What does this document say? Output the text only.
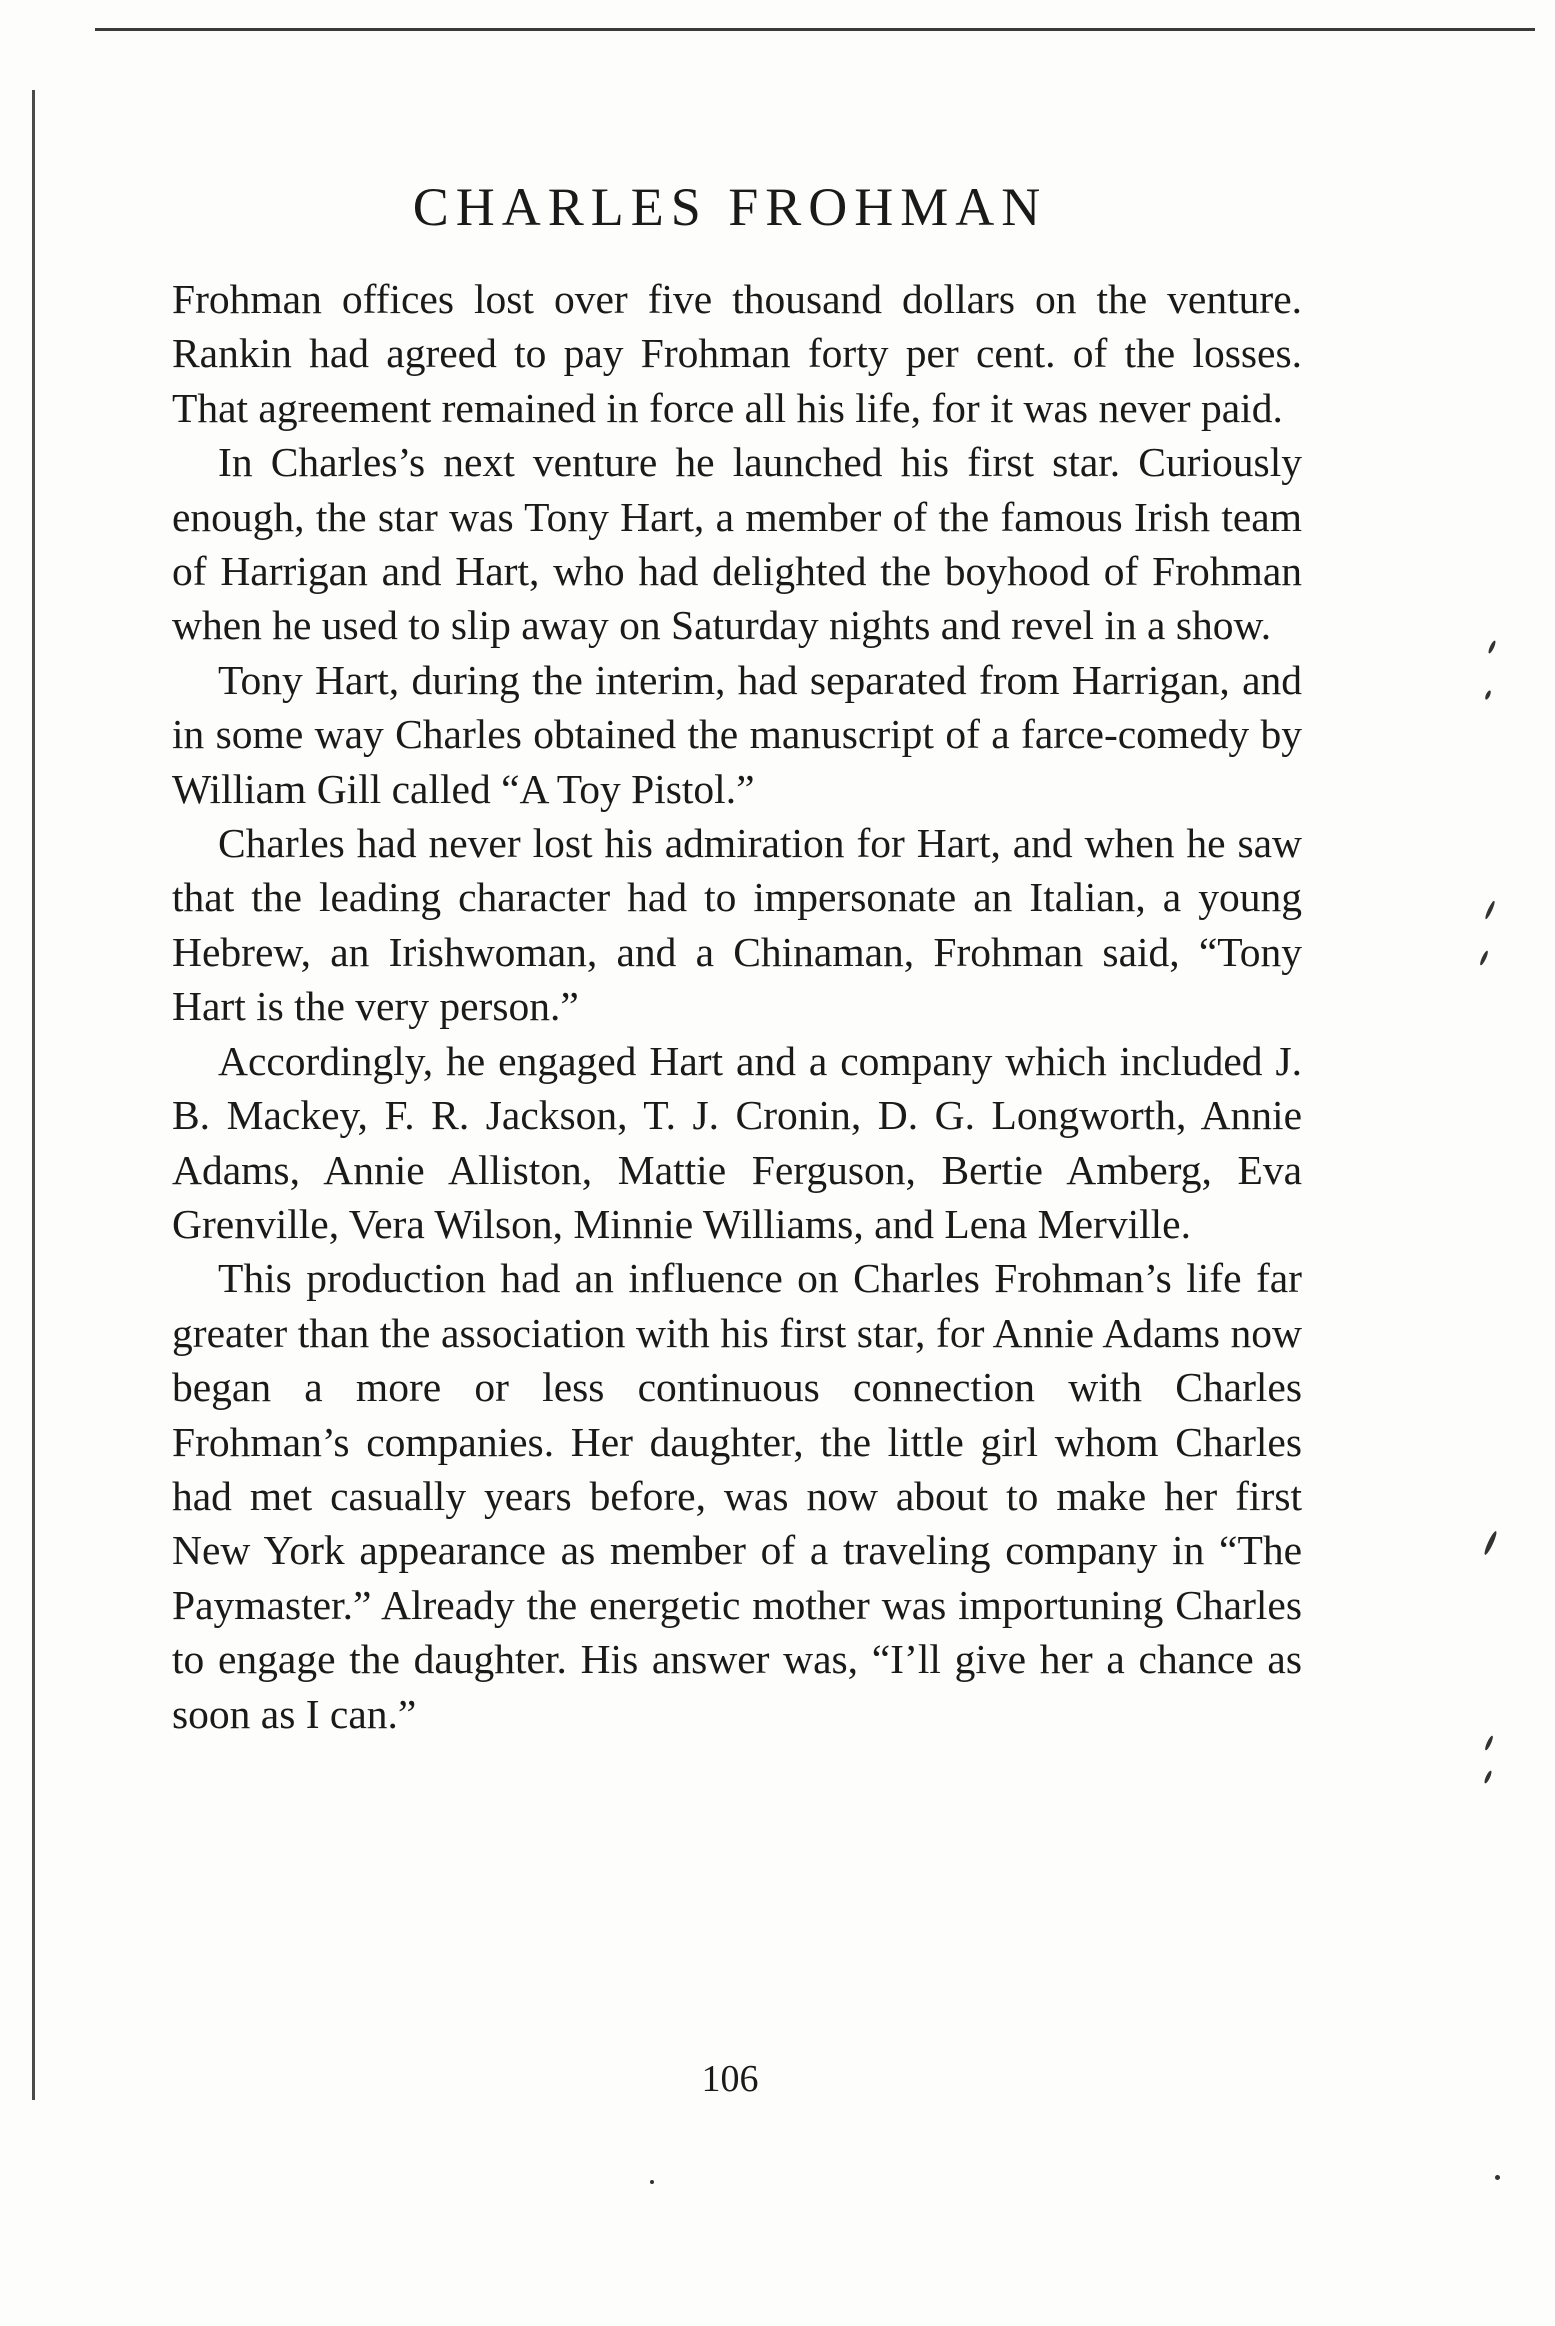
CHARLES FROHMAN

Frohman offices lost over five thousand dollars on the venture. Rankin had agreed to pay Frohman forty per cent. of the losses. That agreement remained in force all his life, for it was never paid.

In Charles’s next venture he launched his first star. Curiously enough, the star was Tony Hart, a member of the famous Irish team of Harrigan and Hart, who had delighted the boyhood of Frohman when he used to slip away on Saturday nights and revel in a show.

Tony Hart, during the interim, had separated from Harrigan, and in some way Charles obtained the manuscript of a farce-comedy by William Gill called “A Toy Pistol.”

Charles had never lost his admiration for Hart, and when he saw that the leading character had to impersonate an Italian, a young Hebrew, an Irishwoman, and a Chinaman, Frohman said, “Tony Hart is the very person.”

Accordingly, he engaged Hart and a company which included J. B. Mackey, F. R. Jackson, T. J. Cronin, D. G. Longworth, Annie Adams, Annie Alliston, Mattie Ferguson, Bertie Amberg, Eva Grenville, Vera Wilson, Minnie Williams, and Lena Merville.

This production had an influence on Charles Frohman’s life far greater than the association with his first star, for Annie Adams now began a more or less continuous connection with Charles Frohman’s companies. Her daughter, the little girl whom Charles had met casually years before, was now about to make her first New York appearance as member of a traveling company in “The Paymaster.” Already the energetic mother was importuning Charles to engage the daughter. His answer was, “I’ll give her a chance as soon as I can.”

106
